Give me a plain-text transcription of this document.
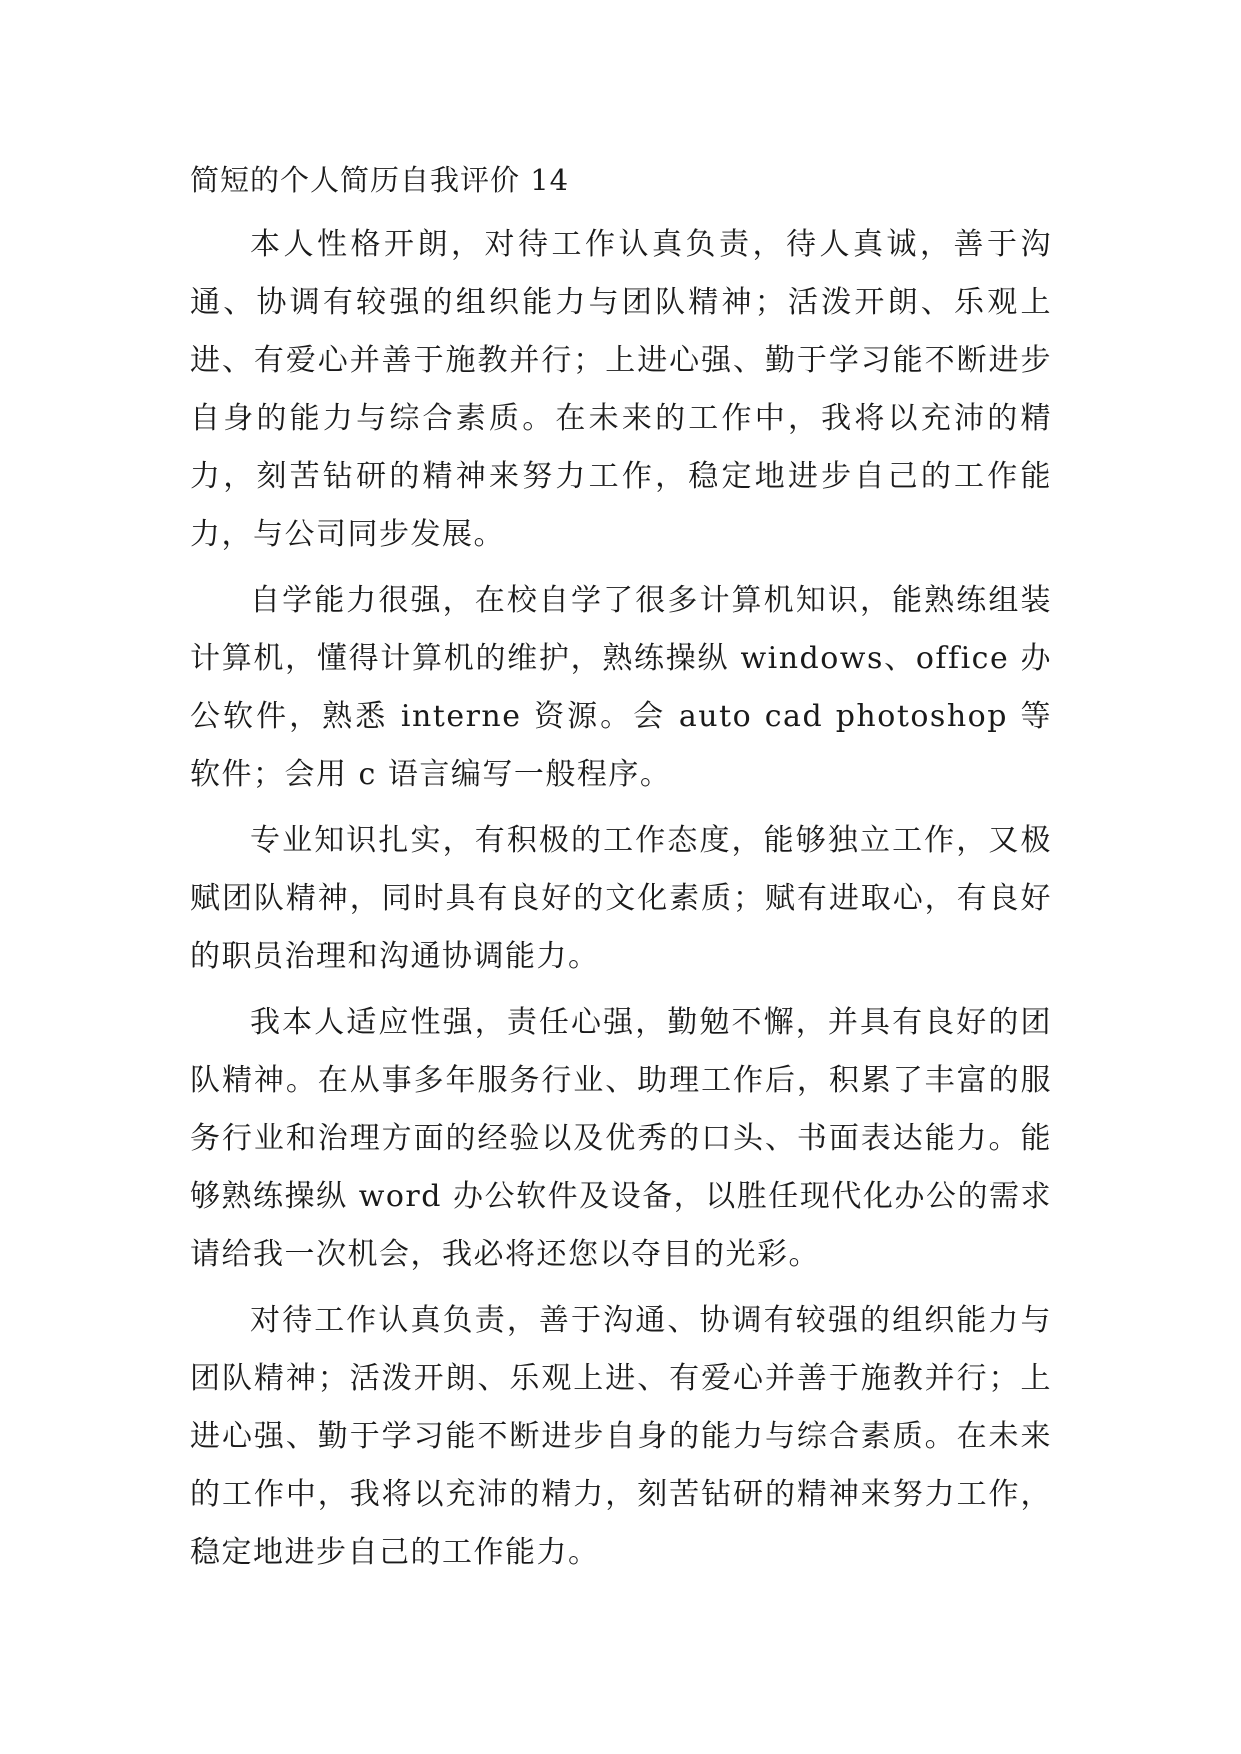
简短的个人简历自我评价 14

本人性格开朗，对待工作认真负责，待人真诚，善于沟通、协调有较强的组织能力与团队精神；活泼开朗、乐观上进、有爱心并善于施教并行；上进心强、勤于学习能不断进步自身的能力与综合素质。在未来的工作中，我将以充沛的精力，刻苦钻研的精神来努力工作，稳定地进步自己的工作能力，与公司同步发展。

自学能力很强，在校自学了很多计算机知识，能熟练组装计算机，懂得计算机的维护，熟练操纵 windows、office 办公软件，熟悉 interne 资源。会 auto cad photoshop 等软件；会用 c 语言编写一般程序。

专业知识扎实，有积极的工作态度，能够独立工作，又极赋团队精神，同时具有良好的文化素质；赋有进取心，有良好的职员治理和沟通协调能力。

我本人适应性强，责任心强，勤勉不懈，并具有良好的团队精神。在从事多年服务行业、助理工作后，积累了丰富的服务行业和治理方面的经验以及优秀的口头、书面表达能力。能够熟练操纵 word 办公软件及设备，以胜任现代化办公的需求请给我一次机会，我必将还您以夺目的光彩。

对待工作认真负责，善于沟通、协调有较强的组织能力与团队精神；活泼开朗、乐观上进、有爱心并善于施教并行；上进心强、勤于学习能不断进步自身的能力与综合素质。在未来的工作中，我将以充沛的精力，刻苦钻研的精神来努力工作，稳定地进步自己的工作能力。
